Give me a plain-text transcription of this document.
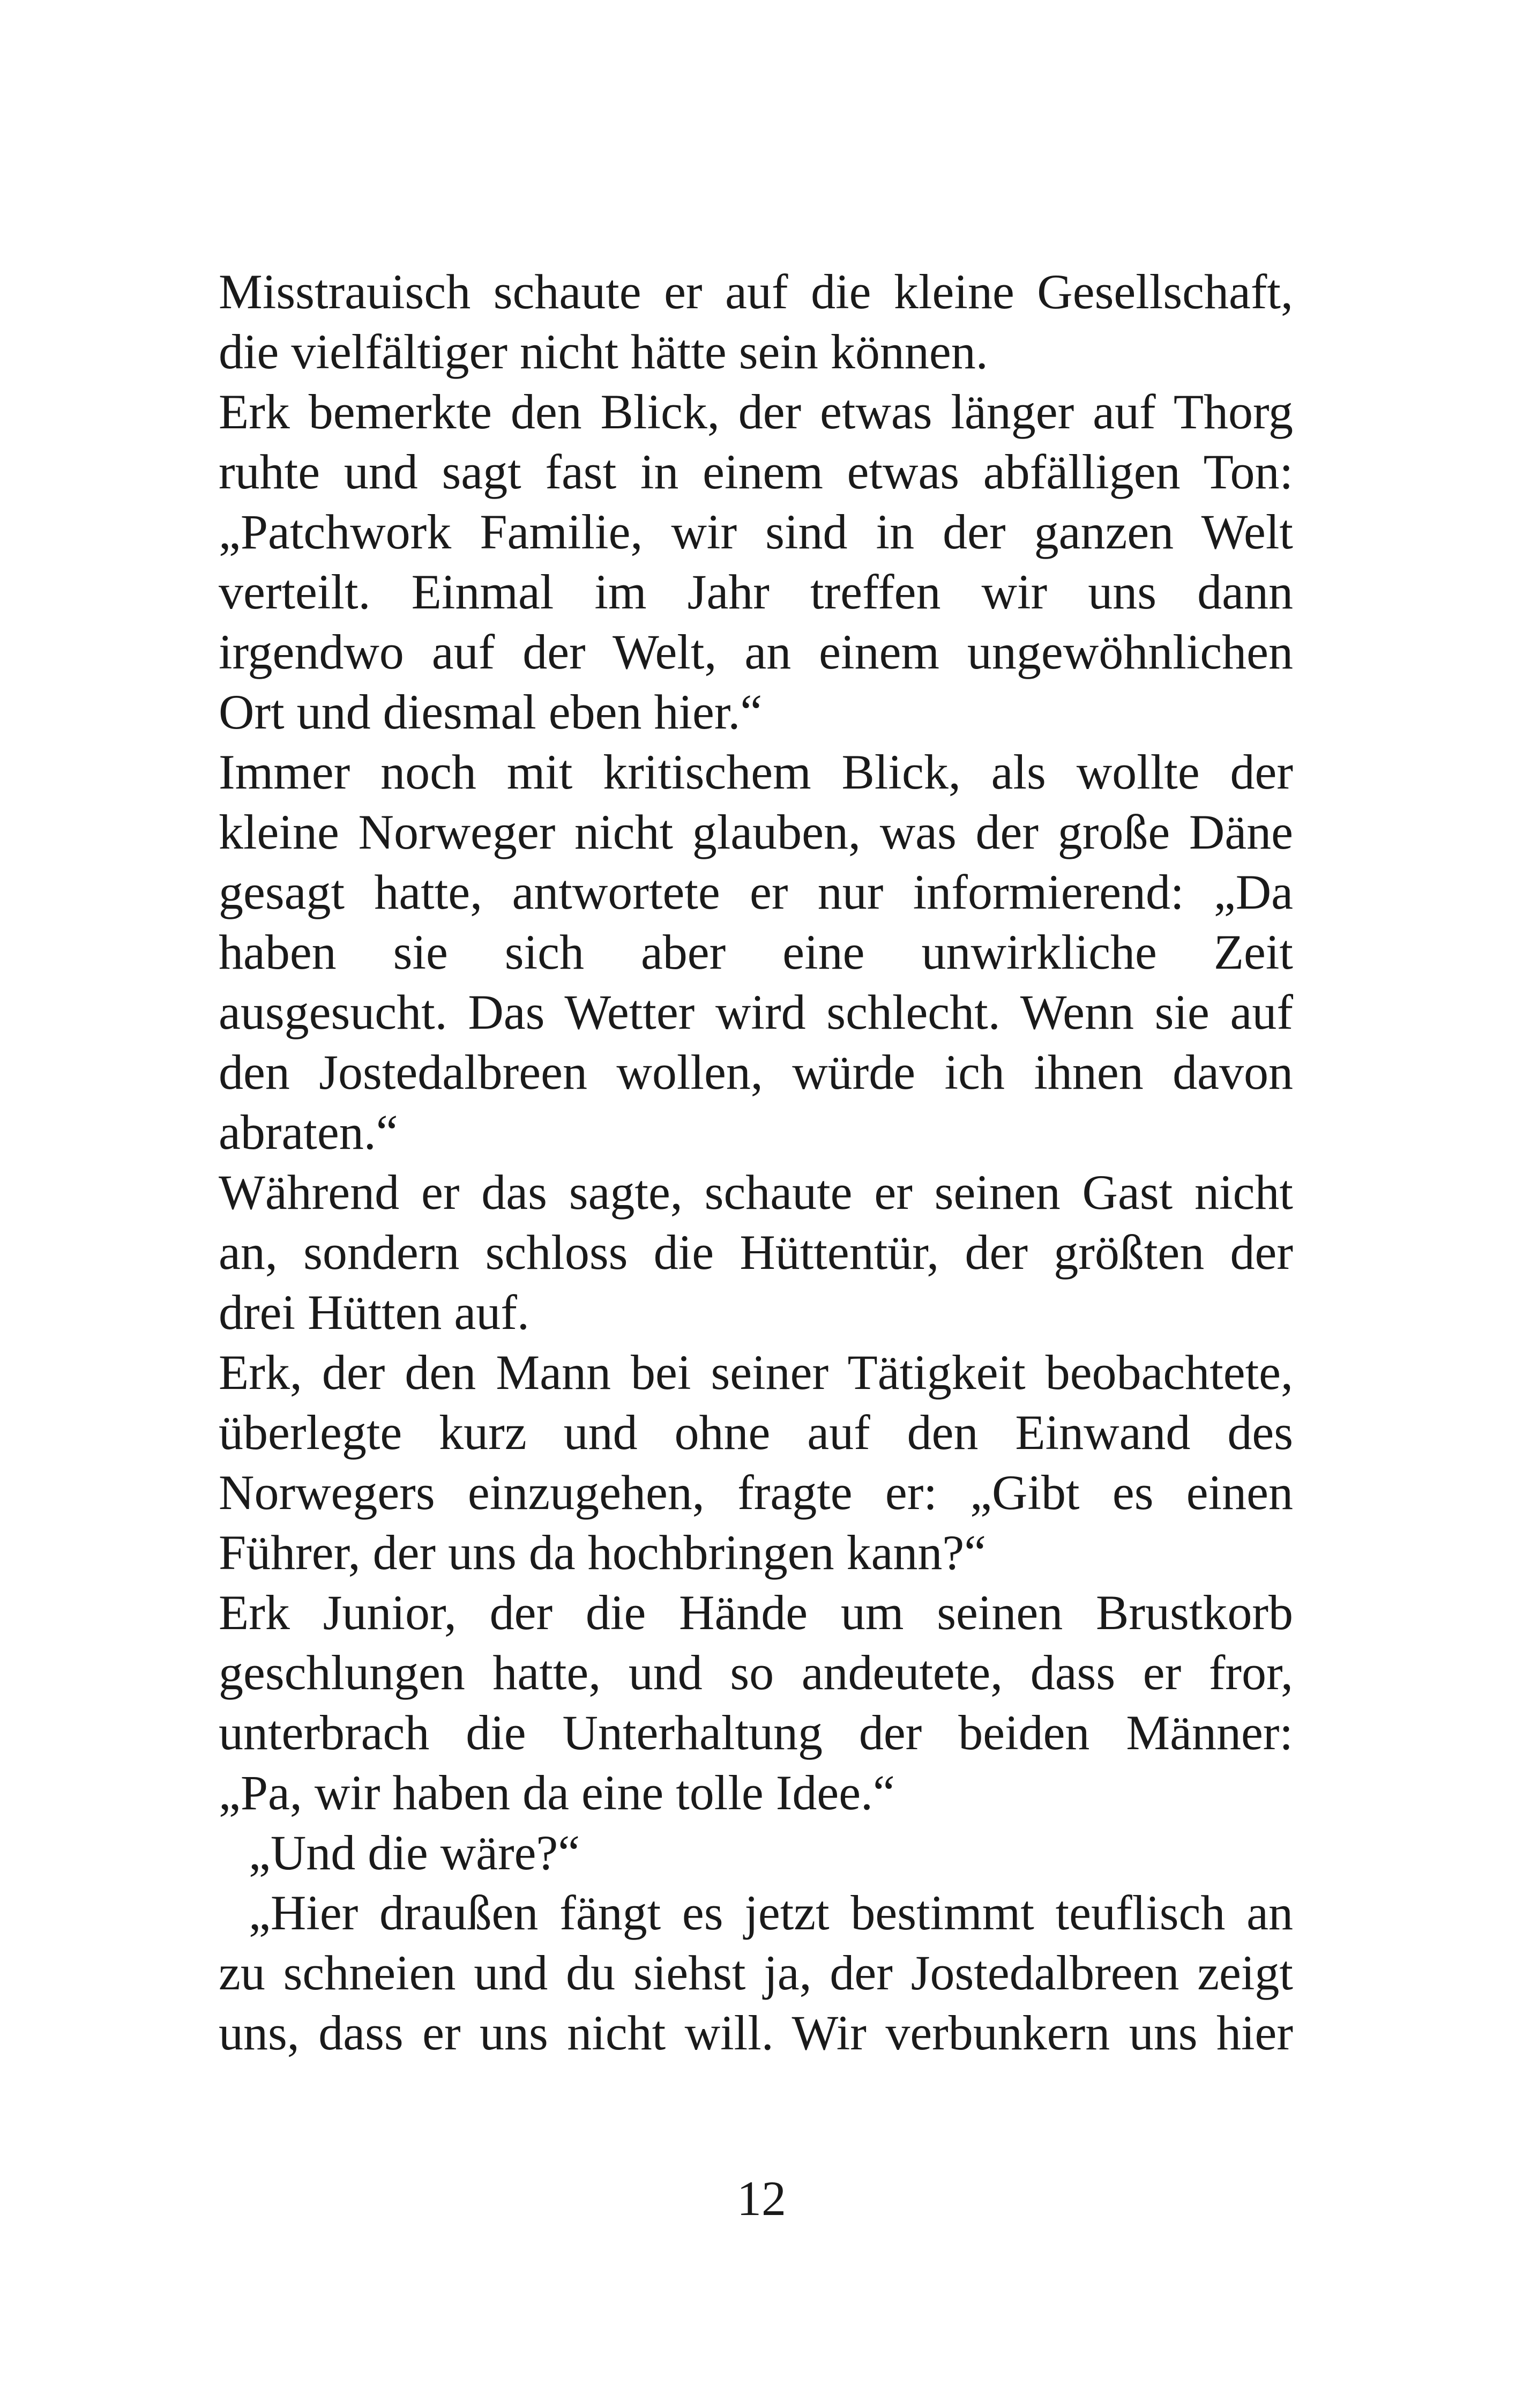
Misstrauisch schaute er auf die kleine Gesellschaft,
die vielfältiger nicht hätte sein können.
Erk bemerkte den Blick, der etwas länger auf Thorg
ruhte und sagt fast in einem etwas abfälligen Ton:
„Patchwork Familie, wir sind in der ganzen Welt
verteilt. Einmal im Jahr treffen wir uns dann
irgendwo auf der Welt, an einem ungewöhnlichen
Ort und diesmal eben hier.“
Immer noch mit kritischem Blick, als wollte der
kleine Norweger nicht glauben, was der große Däne
gesagt hatte, antwortete er nur informierend: „Da
haben sie sich aber eine unwirkliche Zeit
ausgesucht. Das Wetter wird schlecht. Wenn sie auf
den Jostedalbreen wollen, würde ich ihnen davon
abraten.“
Während er das sagte, schaute er seinen Gast nicht
an, sondern schloss die Hüttentür, der größten der
drei Hütten auf.
Erk, der den Mann bei seiner Tätigkeit beobachtete,
überlegte kurz und ohne auf den Einwand des
Norwegers einzugehen, fragte er: „Gibt es einen
Führer, der uns da hochbringen kann?“
Erk Junior, der die Hände um seinen Brustkorb
geschlungen hatte, und so andeutete, dass er fror,
unterbrach die Unterhaltung der beiden Männer:
„Pa, wir haben da eine tolle Idee.“
„Und die wäre?“
„Hier draußen fängt es jetzt bestimmt teuflisch an
zu schneien und du siehst ja, der Jostedalbreen zeigt
uns, dass er uns nicht will. Wir verbunkern uns hier
12
